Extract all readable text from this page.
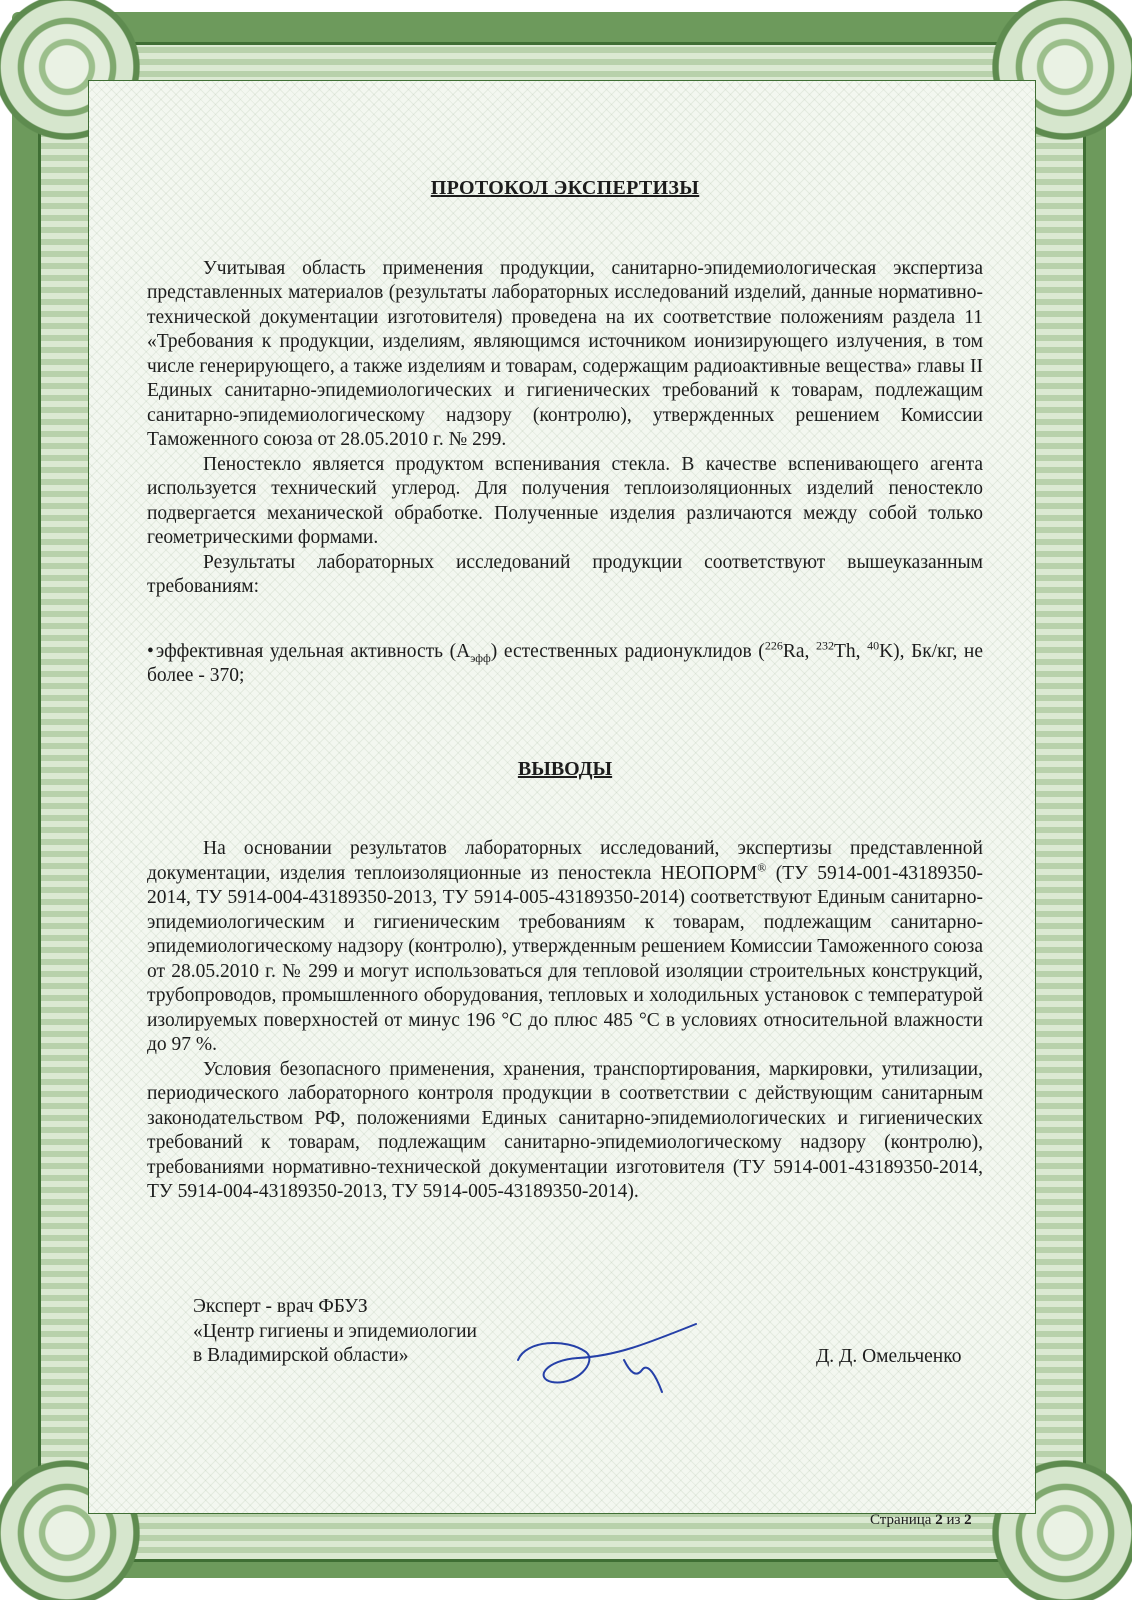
ПРОТОКОЛ ЭКСПЕРТИЗЫ

Учитывая область применения продукции, санитарно-эпидемиологическая экспертиза представленных материалов (результаты лабораторных исследований изделий, данные нормативно-технической документации изготовителя) проведена на их соответствие положениям раздела 11 «Требования к продукции, изделиям, являющимся источником ионизирующего излучения, в том числе генерирующего, а также изделиям и товарам, содержащим радиоактивные вещества» главы II Единых санитарно-эпидемиологических и гигиенических требований к товарам, подлежащим санитарно-эпидемиологическому надзору (контролю), утвержденных решением Комиссии Таможенного союза от 28.05.2010 г. № 299.

Пеностекло является продуктом вспенивания стекла. В качестве вспенивающего агента используется технический углерод. Для получения теплоизоляционных изделий пеностекло подвергается механической обработке. Полученные изделия различаются между собой только геометрическими формами.

Результаты лабораторных исследований продукции соответствуют вышеуказанным требованиям:

• эффективная удельная активность $(А_{эфф})$ естественных радионуклидов ($^{226}$Ra, $^{232}$Th, $^{40}$K), Бк/кг, не более - 370;

ВЫВОДЫ

На основании результатов лабораторных исследований, экспертизы представленной документации, изделия теплоизоляционные из пеностекла НЕОПОРМ® (ТУ 5914-001-43189350-2014, ТУ 5914-004-43189350-2013, ТУ 5914-005-43189350-2014) соответствуют Единым санитарно-эпидемиологическим и гигиеническим требованиям к товарам, подлежащим санитарно-эпидемиологическому надзору (контролю), утвержденным решением Комиссии Таможенного союза от 28.05.2010 г. № 299 и могут использоваться для тепловой изоляции строительных конструкций, трубопроводов, промышленного оборудования, тепловых и холодильных установок с температурой изолируемых поверхностей от минус 196 °С до плюс 485 °С в условиях относительной влажности до 97 %.

Условия безопасного применения, хранения, транспортирования, маркировки, утилизации, периодического лабораторного контроля продукции в соответствии с действующим санитарным законодательством РФ, положениями Единых санитарно-эпидемиологических и гигиенических требований к товарам, подлежащим санитарно-эпидемиологическому надзору (контролю), требованиями нормативно-технической документации изготовителя (ТУ 5914-001-43189350-2014, ТУ 5914-004-43189350-2013, ТУ 5914-005-43189350-2014).

Эксперт - врач ФБУЗ
«Центр гигиены и эпидемиологии
в Владимирской области»	Д. Д. Омельченко
Страница 2 из 2
